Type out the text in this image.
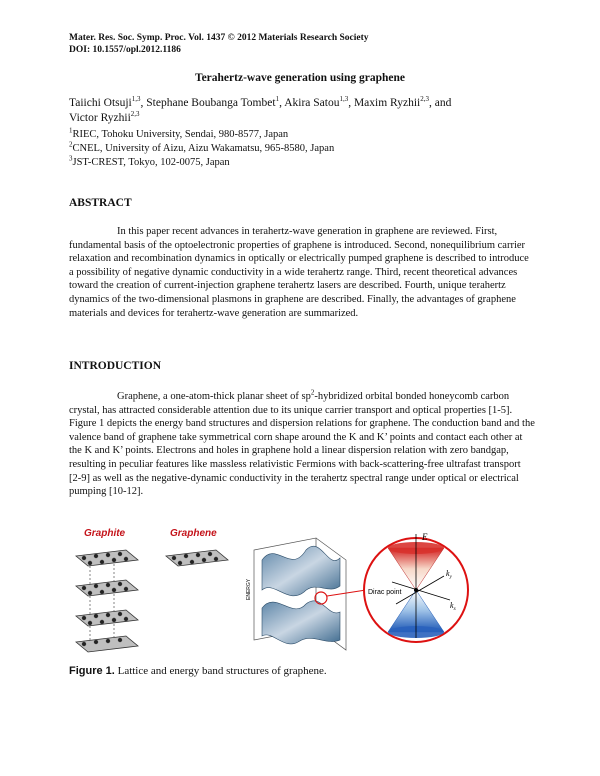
Mater. Res. Soc. Symp. Proc. Vol. 1437 © 2012 Materials Research Society
DOI: 10.1557/opl.2012.1186
Terahertz-wave generation using graphene
Taiichi Otsuji$^{1,3}$, Stephane Boubanga Tombet$^1$, Akira Satou$^{1,3}$, Maxim Ryzhii$^{2,3}$, and
Victor Ryzhii$^{2,3}$
$^1$RIEC, Tohoku University, Sendai, 980-8577, Japan
$^2$CNEL, University of Aizu, Aizu Wakamatsu, 965-8580, Japan
$^3$JST-CREST, Tokyo, 102-0075, Japan
ABSTRACT
In this paper recent advances in terahertz-wave generation in graphene are reviewed. First, fundamental basis of the optoelectronic properties of graphene is introduced. Second, nonequilibrium carrier relaxation and recombination dynamics in optically or electrically pumped graphene is described to introduce a possibility of negative dynamic conductivity in a wide terahertz range. Third, recent theoretical advances toward the creation of current-injection graphene terahertz lasers are described. Fourth, unique terahertz dynamics of the two-dimensional plasmons in graphene are described. Finally, the advantages of graphene materials and devices for terahertz-wave generation are summarized.
INTRODUCTION
Graphene, a one-atom-thick planar sheet of $sp^2$-hybridized orbital bonded honeycomb carbon crystal, has attracted considerable attention due to its unique carrier transport and optical properties [1-5]. Figure 1 depicts the energy band structures and dispersion relations for graphene. The conduction band and the valence band of graphene take symmetrical corn shape around the K and K’ points and contact each other at the K and K’ points. Electrons and holes in graphene hold a linear dispersion relation with zero bandgap, resulting in peculiar features like massless relativistic Fermions with back-scattering-free ultrafast transport [2-9] as well as the negative-dynamic conductivity in the terahertz spectral range under optical or electrical pumping [10-12].
Graphite	Graphene
ENERGY
E
Dirac point
$k_y$
$k_x$
Figure 1. Lattice and energy band structures of graphene.
